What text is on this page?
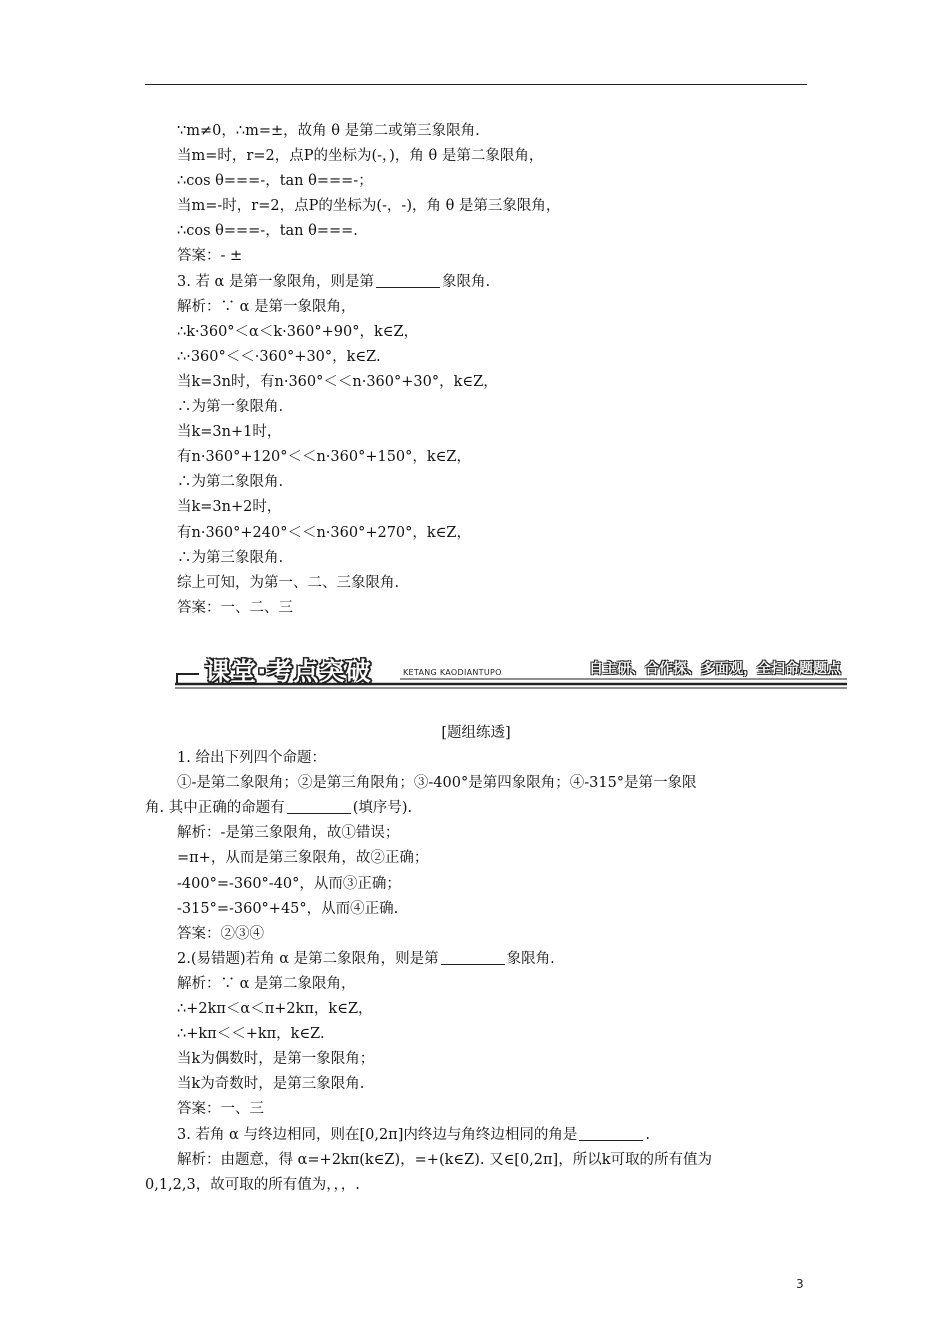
∵m≠0，∴m=±，故角 θ 是第二或第三象限角.
当m=时，r=2，点P的坐标为(-，)，角 θ 是第二象限角，
∴cos θ===-，tan θ===-；
当m=-时，r=2，点P的坐标为(-，-)，角 θ 是第三象限角，
∴cos θ===-，tan θ===.
答案：- ±
3. 若 α 是第一象限角，则是第	象限角.
解析：∵ α 是第一象限角，
∴k·360°＜α＜k·360°+90°，k∈Z，
∴·360°＜＜·360°+30°，k∈Z.
当k=3n时，有n·360°＜＜n·360°+30°，k∈Z，
∴为第一象限角.
当k=3n+1时，
有n·360°+120°＜＜n·360°+150°，k∈Z，
∴为第二象限角.
当k=3n+2时，
有n·360°+240°＜＜n·360°+270°，k∈Z，
∴为第三象限角.
综上可知，为第一、二、三象限角.
答案：一、二、三
课堂·考点突破	KETANG KAODIANTUPO	自主研、合作探、多面观，全扫命题题点
[题组练透]
1. 给出下列四个命题：
①-是第二象限角；②是第三角限角；③-400°是第四象限角；④-315°是第一象限
角. 其中正确的命题有	(填序号).
解析：-是第三象限角，故①错误；
=π+，从而是第三象限角，故②正确；
-400°=-360°-40°，从而③正确；
-315°=-360°+45°，从而④正确.
答案：②③④
2.(易错题)若角 α 是第二象限角，则是第	象限角.
解析：∵ α 是第二象限角，
∴+2kπ＜α＜π+2kπ，k∈Z，
∴+kπ＜＜+kπ，k∈Z.
当k为偶数时，是第一象限角；
当k为奇数时，是第三象限角.
答案：一、三
3. 若角 α 与终边相同，则在[0,2π]内终边与角终边相同的角是	.
解析：由题意，得 α=+2kπ(k∈Z)，=+(k∈Z). 又∈[0,2π]，所以k可取的所有值为
0,1,2,3，故可取的所有值为，，，.
3
